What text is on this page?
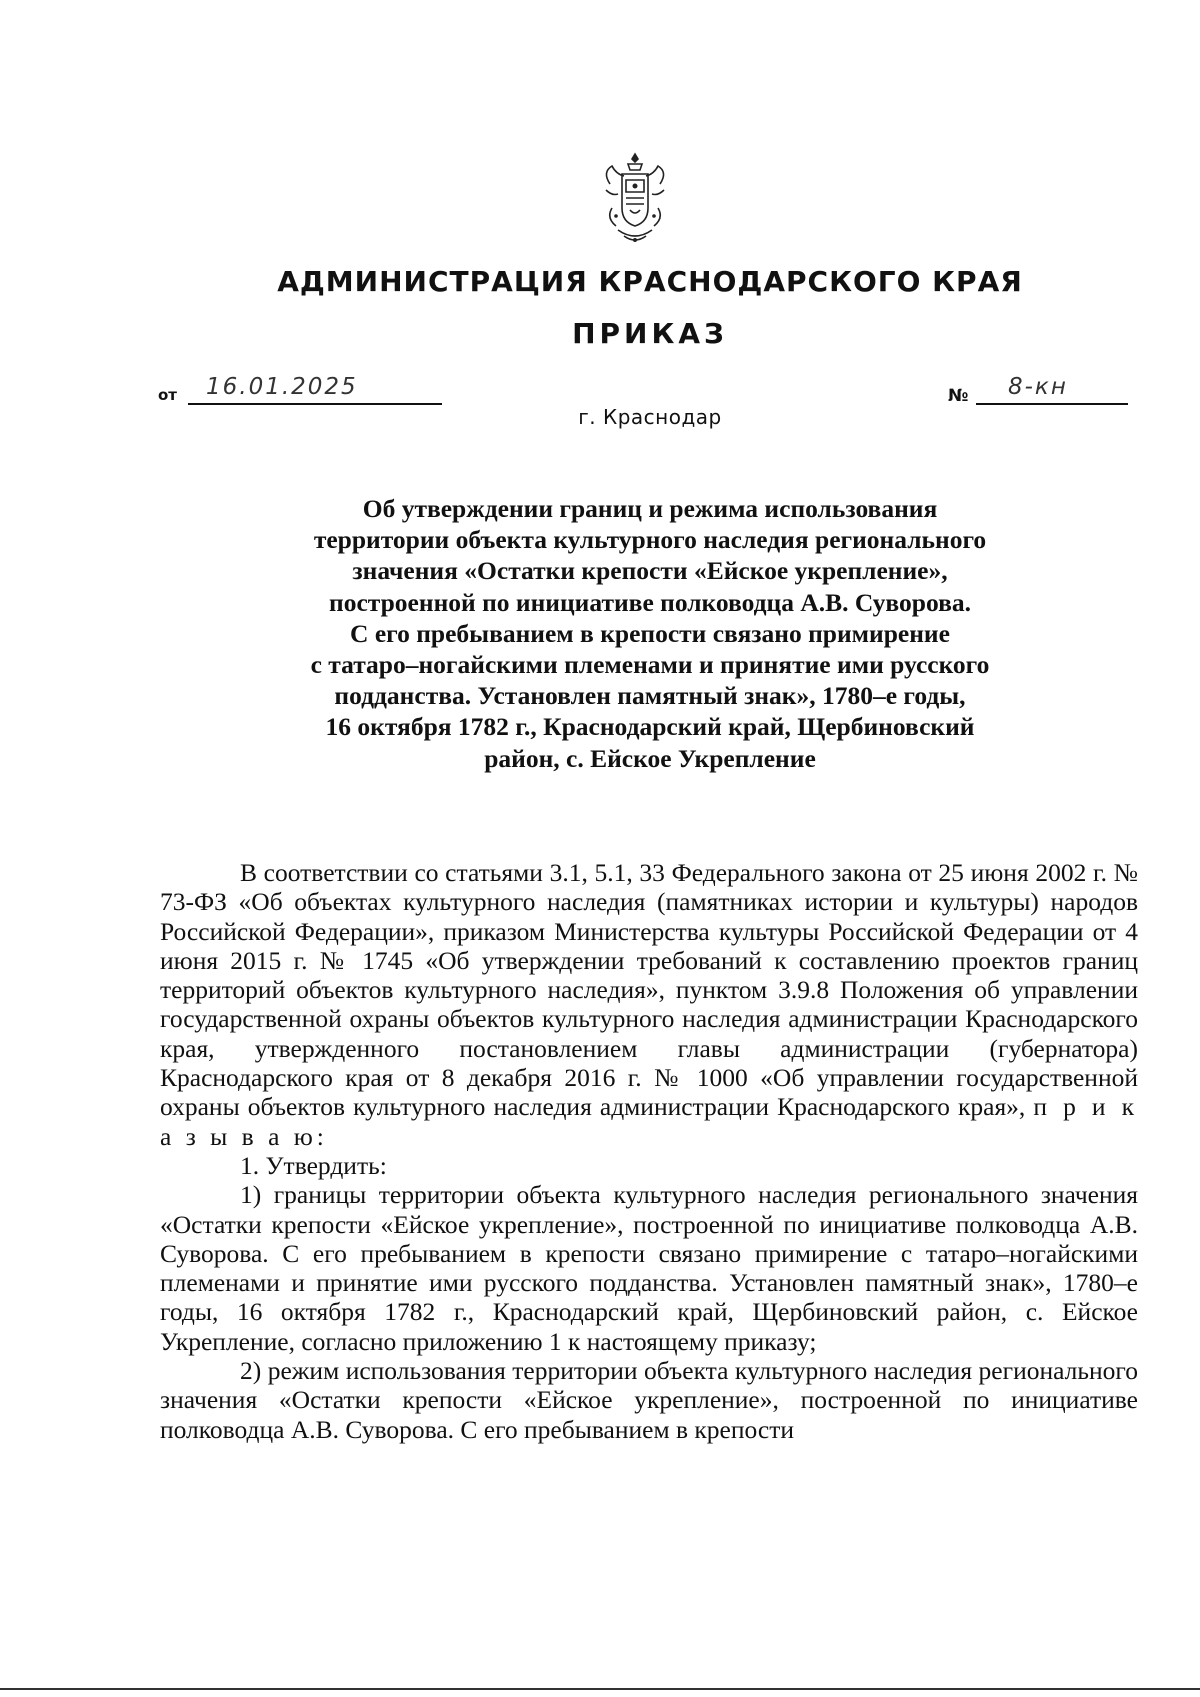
АДМИНИСТРАЦИЯ КРАСНОДАРСКОГО КРАЯ
ПРИКАЗ
от 16.01.2025	№ 8-кн
г. Краснодар
Об утверждении границ и режима использования
территории объекта культурного наследия регионального
значения «Остатки крепости «Ейское укрепление»,
построенной по инициативе полководца А.В. Суворова.
С его пребыванием в крепости связано примирение
с татаро–ногайскими племенами и принятие ими русского
подданства. Установлен памятный знак», 1780–е годы,
16 октября 1782 г., Краснодарский край, Щербиновский
район, с. Ейское Укрепление

В соответствии со статьями 3.1, 5.1, 33 Федерального закона от 25 июня 2002 г. № 73-ФЗ «Об объектах культурного наследия (памятниках истории и культуры) народов Российской Федерации», приказом Министерства культуры Российской Федерации от 4 июня 2015 г. № 1745 «Об утверждении требований к составлению проектов границ территорий объектов культурного наследия», пунктом 3.9.8 Положения об управлении государственной охраны объектов культурного наследия администрации Краснодарского края, утвержденного постановлением главы администрации (губернатора) Краснодарского края от 8 декабря 2016 г. № 1000 «Об управлении государственной охраны объектов культурного наследия администрации Краснодарского края», п р и к а з ы в а ю:

1. Утвердить:

1) границы территории объекта культурного наследия регионального значения «Остатки крепости «Ейское укрепление», построенной по инициативе полководца А.В. Суворова. С его пребыванием в крепости связано примирение с татаро–ногайскими племенами и принятие ими русского подданства. Установлен памятный знак», 1780–е годы, 16 октября 1782 г., Краснодарский край, Щербиновский район, с. Ейское Укрепление, согласно приложению 1 к настоящему приказу;

2) режим использования территории объекта культурного наследия регионального значения «Остатки крепости «Ейское укрепление», построенной по инициативе полководца А.В. Суворова. С его пребыванием в крепости
